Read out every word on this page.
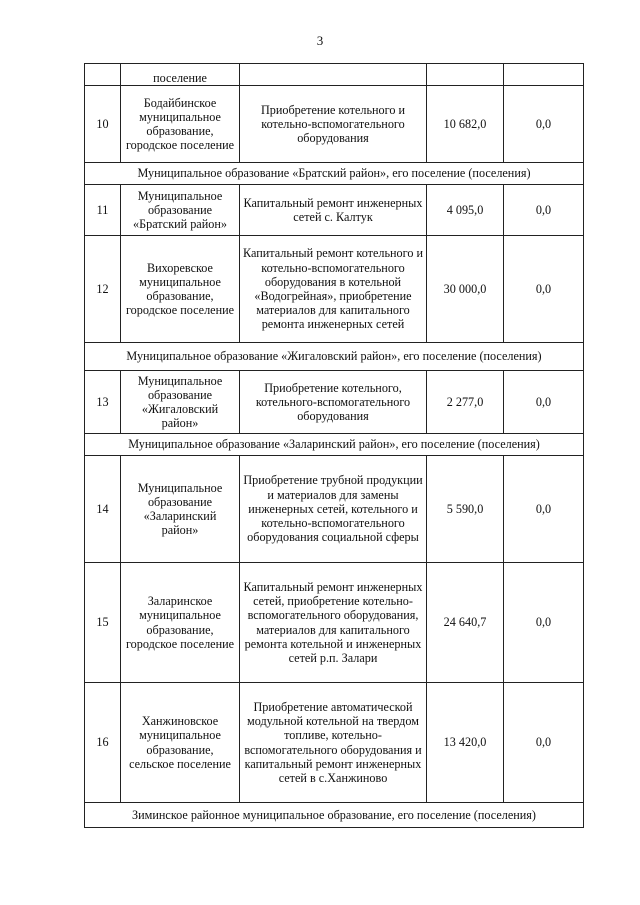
3
	поселение			
10	Бодайбинское муниципальное образование, городское поселение	Приобретение котельного и котельно-вспомогательного оборудования	10 682,0	0,0
Муниципальное образование «Братский район», его поселение (поселения)				
11	Муниципальное образование «Братский район»	Капитальный ремонт инженерных сетей с. Калтук	4 095,0	0,0
12	Вихоревское муниципальное образование, городское поселение	Капитальный ремонт котельного и котельно-вспомогательного оборудования в котельной «Водогрейная», приобретение материалов для капитального ремонта инженерных сетей	30 000,0	0,0
Муниципальное образование «Жигаловский район», его поселение (поселения)				
13	Муниципальное образование «Жигаловский район»	Приобретение котельного, котельного-вспомогательного оборудования	2 277,0	0,0
Муниципальное образование «Заларинский район», его поселение (поселения)				
14	Муниципальное образование «Заларинский район»	Приобретение трубной продукции и материалов для замены инженерных сетей, котельного и котельно-вспомогательного оборудования социальной сферы	5 590,0	0,0
15	Заларинское муниципальное образование, городское поселение	Капитальный ремонт инженерных сетей, приобретение котельно-вспомогательного оборудования, материалов для капитального ремонта котельной и инженерных сетей р.п. Залари	24 640,7	0,0
16	Ханжиновское муниципальное образование, сельское поселение	Приобретение автоматической модульной котельной на твердом топливе, котельно-вспомогательного оборудования и капитальный ремонт инженерных сетей в с.Ханжиново	13 420,0	0,0
Зиминское районное муниципальное образование, его поселение (поселения)				
